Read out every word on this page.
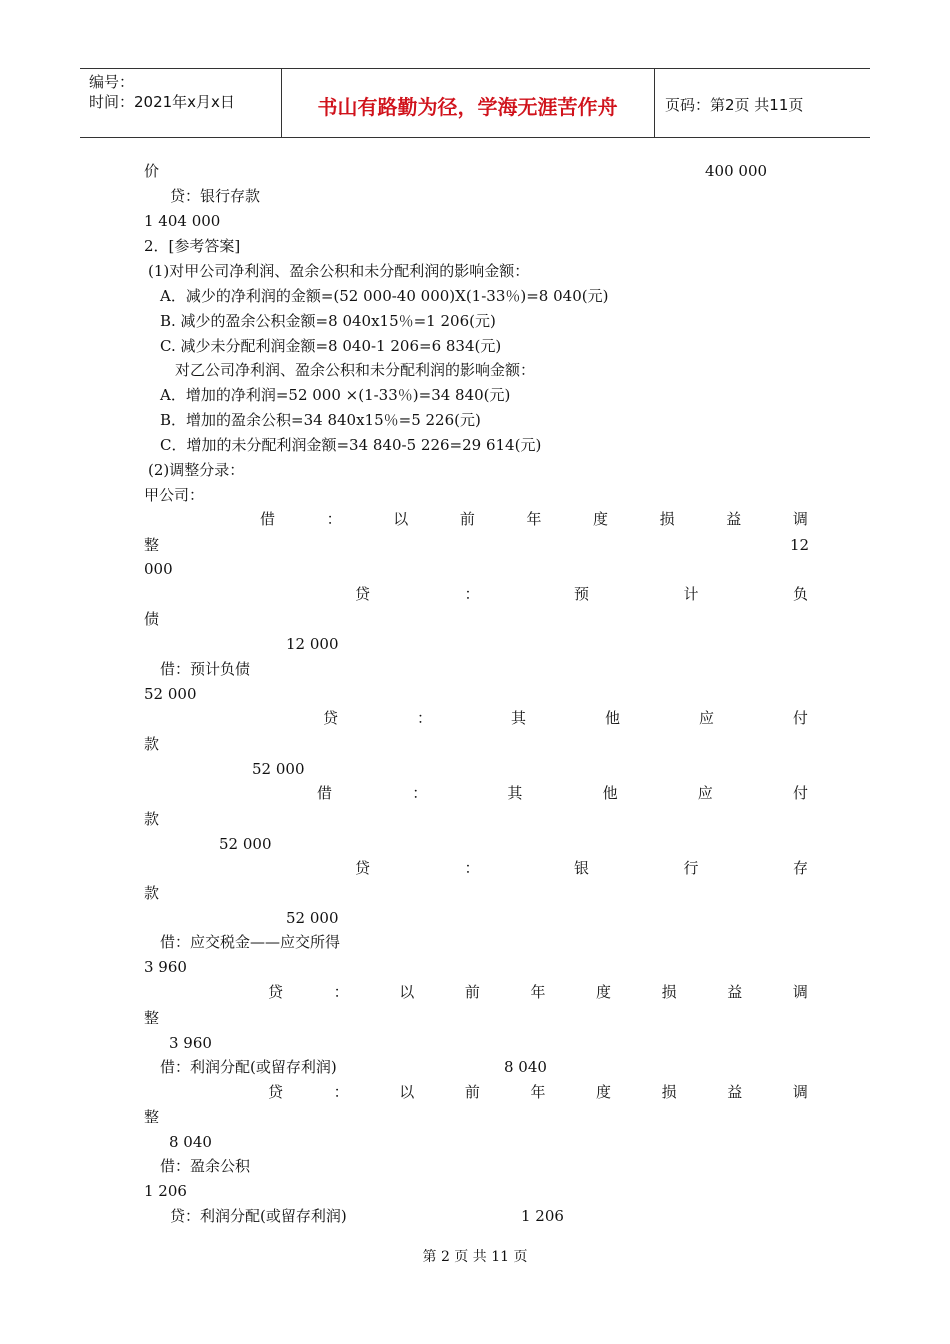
编号：
时间：2021年x月x日	书山有路勤为径，学海无涯苦作舟	页码：第2页 共11页
价	400 000
贷：银行存款
1 404 000
2．[参考答案]
(1)对甲公司净利润、盈余公积和未分配利润的影响金额：
A．减少的净利润的金额=(52 000-40 000)X(1-33％)=8 040(元)
B. 减少的盈余公积金额=8 040x15％=1 206(元)
C. 减少未分配利润金额=8 040-1 206=6 834(元)
对乙公司净利润、盈余公积和未分配利润的影响金额：
A．增加的净利润=52 000 ×(1-33％)=34 840(元)
B．增加的盈余公积=34 840x15％=5 226(元)
C．增加的未分配利润金额=34 840-5 226=29 614(元)
(2)调整分录：
甲公司：
借	：	以	前	年	度	损	益	调
整	12
000
贷	：	预	计	负
债
12 000
借：预计负债
52 000
贷	：	其	他	应	付
款
52 000
借	：	其	他	应	付
款
52 000
贷	：	银	行	存
款
52 000
借：应交税金——应交所得
3 960
贷	：	以	前	年	度	损	益	调
整
3 960
借：利润分配(或留存利润)	8 040
贷	：	以	前	年	度	损	益	调
整
8 040
借：盈余公积
1 206
贷：利润分配(或留存利润)	1 206
第 2 页 共 11 页
